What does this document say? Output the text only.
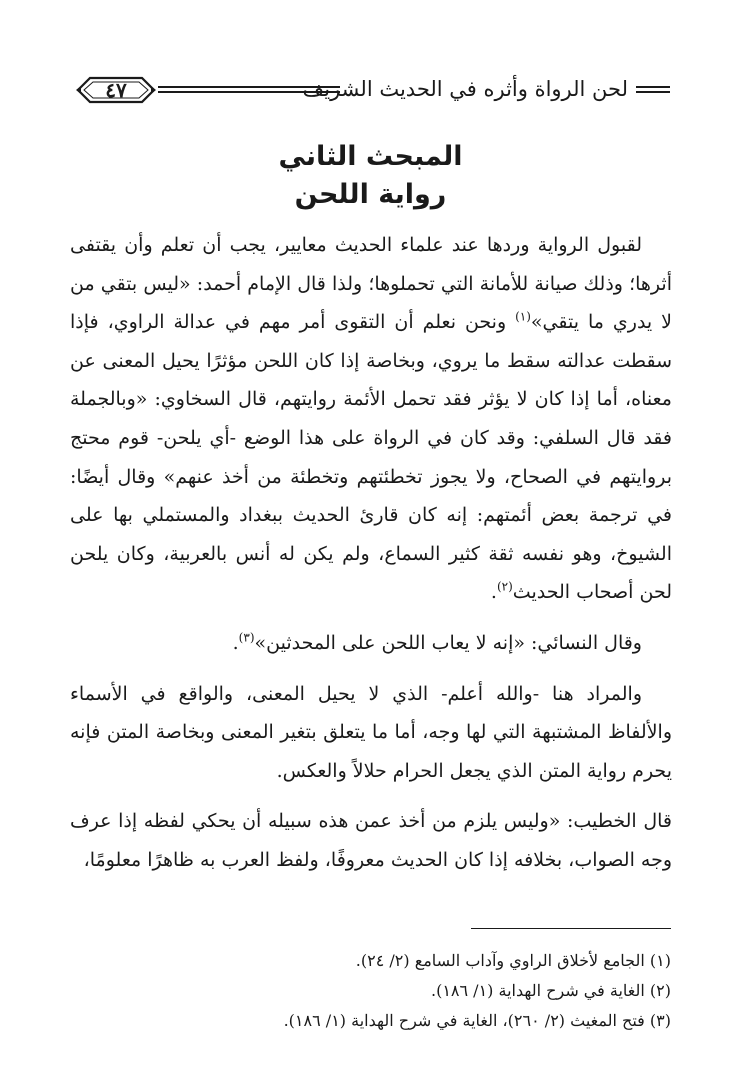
لحن الرواة وأثره في الحديث الشريف
٤٧
المبحث الثاني
رواية اللحن

لقبول الرواية وردها عند علماء الحديث معايير، يجب أن تعلم وأن يقتفى أثرها؛ وذلك صيانة للأمانة التي تحملوها؛ ولذا قال الإمام أحمد: «ليس بتقي من لا يدري ما يتقي»$^{(١)}$ ونحن نعلم أن التقوى أمر مهم في عدالة الراوي، فإذا سقطت عدالته سقط ما يروي، وبخاصة إذا كان اللحن مؤثرًا يحيل المعنى عن معناه، أما إذا كان لا يؤثر فقد تحمل الأئمة روايتهم، قال السخاوي: «وبالجملة فقد قال السلفي: وقد كان في الرواة على هذا الوضع -أي يلحن- قوم محتج بروايتهم في الصحاح، ولا يجوز تخطئتهم وتخطئة من أخذ عنهم» وقال أيضًا: في ترجمة بعض أئمتهم: إنه كان قارئ الحديث ببغداد والمستملي بها على الشيوخ، وهو نفسه ثقة كثير السماع، ولم يكن له أنس بالعربية، وكان يلحن لحن أصحاب الحديث$^{(٢)}$.

وقال النسائي: «إنه لا يعاب اللحن على المحدثين»$^{(٣)}$.

والمراد هنا -والله أعلم- الذي لا يحيل المعنى، والواقع في الأسماء والألفاظ المشتبهة التي لها وجه، أما ما يتعلق بتغير المعنى وبخاصة المتن فإنه يحرم رواية المتن الذي يجعل الحرام حلالاً والعكس.

قال الخطيب: «وليس يلزم من أخذ عمن هذه سبيله أن يحكي لفظه إذا عرف وجه الصواب، بخلافه إذا كان الحديث معروفًا، ولفظ العرب به ظاهرًا معلومًا،

(١) الجامع لأخلاق الراوي وآداب السامع (٢/ ٢٤).
(٢) الغاية في شرح الهداية (١/ ١٨٦).
(٣) فتح المغيث (٢/ ٢٦٠)، الغاية في شرح الهداية (١/ ١٨٦).
